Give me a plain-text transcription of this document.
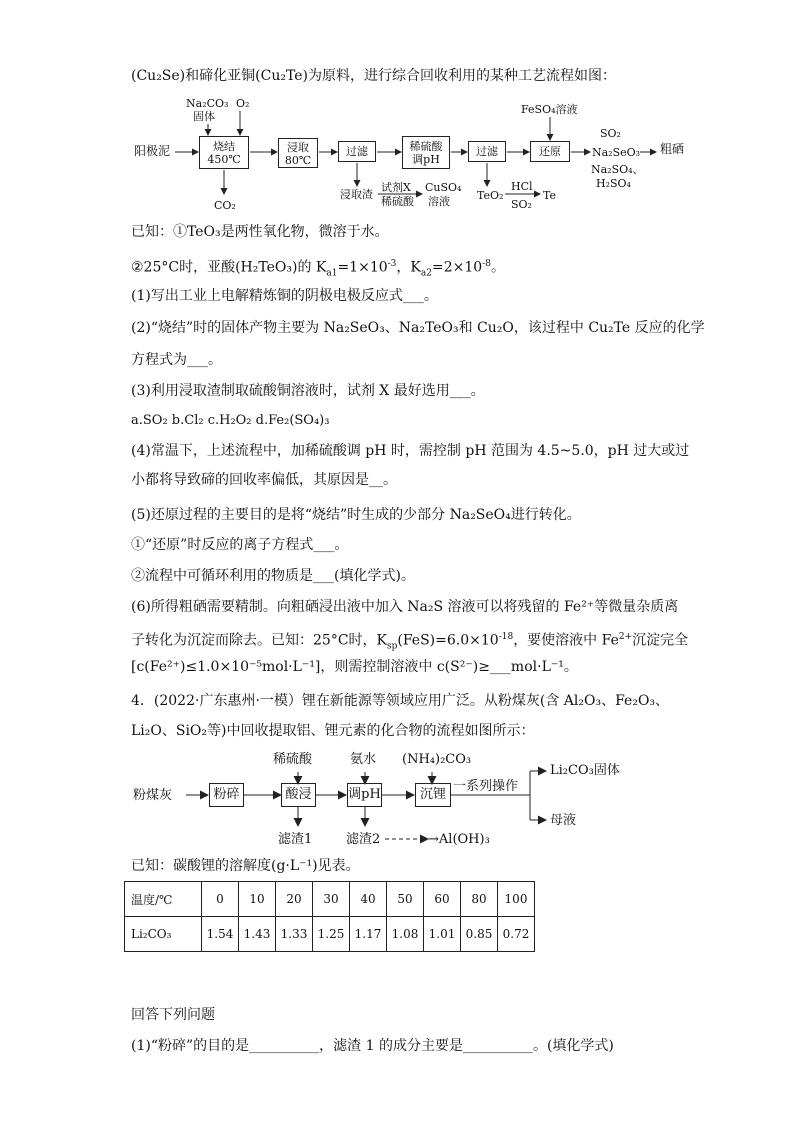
(Cu₂Se)和碲化亚铜(Cu₂Te)为原料，进行综合回收利用的某种工艺流程如图：
Na₂CO₃
固体
O₂
阳极泥	烧结
450℃
CO₂
浸取
80℃
过滤
浸取渣
试剂X
稀硫酸
CuSO₄
溶液
稀硫酸
调pH
过滤
TeO₂
HCl
SO₂
Te
FeSO₄溶液
还原
SO₂
Na₂SeO₃
Na₂SO₄、
H₂SO₄
粗硒
已知：①TeO₃是两性氧化物，微溶于水。
②25°C时，亚酸(H₂TeO₃)的 $K_{a1}=1\times 10^{-3}$，$K_{a2}=2\times 10^{-8}$。
(1)写出工业上电解精炼铜的阴极电极反应式___。
(2)“烧结”时的固体产物主要为 Na₂SeO₃、Na₂TeO₃和 Cu₂O，该过程中 Cu₂Te 反应的化学
方程式为___。
(3)利用浸取渣制取硫酸铜溶液时，试剂 X 最好选用___。
a.SO₂ b.Cl₂ c.H₂O₂ d.Fe₂(SO₄)₃
(4)常温下，上述流程中，加稀硫酸调 pH 时，需控制 pH 范围为 4.5~5.0，pH 过大或过
小都将导致碲的回收率偏低，其原因是__。
(5)还原过程的主要目的是将“烧结”时生成的少部分 Na₂SeO₄进行转化。
①“还原”时反应的离子方程式___。
②流程中可循环利用的物质是___(填化学式)。
(6)所得粗硒需要精制。向粗硒浸出液中加入 Na₂S 溶液可以将残留的 Fe²⁺等微量杂质离
子转化为沉淀而除去。已知：25°C时，$K_{sp}(FeS)=6.0\times 10^{-18}$，要使溶液中 $Fe^{2+}$沉淀完全
[c(Fe²⁺)≤1.0×10⁻⁵mol·L⁻¹]，则需控制溶液中 c(S²⁻)≥___mol·L⁻¹。
4．(2022·广东惠州·一模）锂在新能源等领域应用广泛。从粉煤灰(含 Al₂O₃、Fe₂O₃、
Li₂O、SiO₂等)中回收提取铝、锂元素的化合物的流程如图所示：
稀硫酸	氨水 (NH₄)₂CO₃
粉煤灰	粉碎	酸浸	调pH	沉锂
一系列操作
Li₂CO₃固体
母液
滤渣1	滤渣2	→Al(OH)₃
已知：碳酸锂的溶解度(g·L⁻¹)见表。
温度/℃	0	10	20	30	40	50	60	80	100
Li₂CO₃	1.54	1.43	1.33	1.25	1.17	1.08	1.01	0.85	0.72
回答下列问题
(1)“粉碎”的目的是__________，滤渣 1 的成分主要是__________。(填化学式)
